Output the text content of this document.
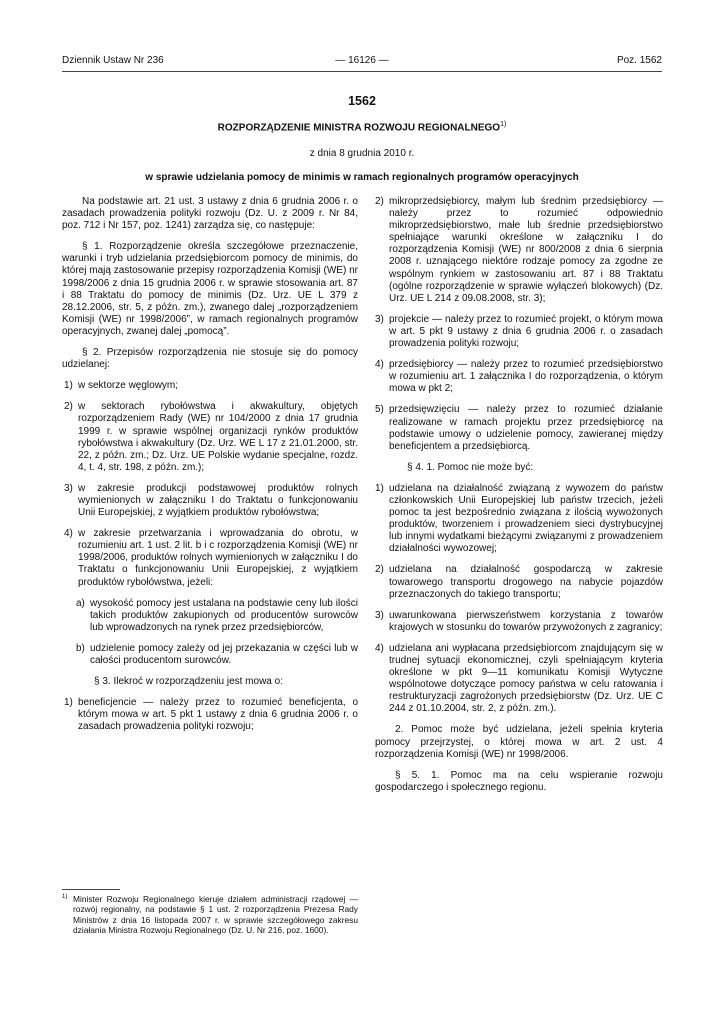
Dziennik Ustaw Nr 236	— 16126 —	Poz. 1562
1562
ROZPORZĄDZENIE MINISTRA ROZWOJU REGIONALNEGO$^{1)}$
z dnia 8 grudnia 2010 r.
w sprawie udzielania pomocy de minimis w ramach regionalnych programów operacyjnych

Na podstawie art. 21 ust. 3 ustawy z dnia 6 grudnia 2006 r. o zasadach prowadzenia polityki rozwoju (Dz. U. z 2009 r. Nr 84, poz. 712 i Nr 157, poz. 1241) zarządza się, co następuje:

§ 1. Rozporządzenie określa szczegółowe przeznaczenie, warunki i tryb udzielania przedsiębiorcom pomocy de minimis, do której mają zastosowanie przepisy rozporządzenia Komisji (WE) nr 1998/2006 z dnia 15 grudnia 2006 r. w sprawie stosowania art. 87 i 88 Traktatu do pomocy de minimis (Dz. Urz. UE L 379 z 28.12.2006, str. 5, z późn. zm.), zwanego dalej „rozporządzeniem Komisji (WE) nr 1998/2006”, w ramach regionalnych programów operacyjnych, zwanej dalej „pomocą”.

§ 2. Przepisów rozporządzenia nie stosuje się do pomocy udzielanej:

1) w sektorze węglowym;
2) w sektorach rybołówstwa i akwakultury, objętych rozporządzeniem Rady (WE) nr 104/2000 z dnia 17 grudnia 1999 r. w sprawie wspólnej organizacji rynków produktów rybołówstwa i akwakultury (Dz. Urz. WE L 17 z 21.01.2000, str. 22, z późn. zm.; Dz. Urz. UE Polskie wydanie specjalne, rozdz. 4, t. 4, str. 198, z późn. zm.);
3) w zakresie produkcji podstawowej produktów rolnych wymienionych w załączniku I do Traktatu o funkcjonowaniu Unii Europejskiej, z wyjątkiem produktów rybołówstwa;
4) w zakresie przetwarzania i wprowadzania do obrotu, w rozumieniu art. 1 ust. 2 lit. b i c rozporządzenia Komisji (WE) nr 1998/2006, produktów rolnych wymienionych w załączniku I do Traktatu o funkcjonowaniu Unii Europejskiej, z wyjątkiem produktów rybołówstwa, jeżeli:
a) wysokość pomocy jest ustalana na podstawie ceny lub ilości takich produktów zakupionych od producentów surowców lub wprowadzonych na rynek przez przedsiębiorców,
b) udzielenie pomocy zależy od jej przekazania w części lub w całości producentom surowców.

§ 3. Ilekroć w rozporządzeniu jest mowa o:

1) beneficjencie — należy przez to rozumieć beneficjenta, o którym mowa w art. 5 pkt 1 ustawy z dnia 6 grudnia 2006 r. o zasadach prowadzenia polityki rozwoju;
2) mikroprzedsiębiorcy, małym lub średnim przedsiębiorcy — należy przez to rozumieć odpowiednio mikroprzedsiębiorstwo, małe lub średnie przedsiębiorstwo spełniające warunki określone w załączniku I do rozporządzenia Komisji (WE) nr 800/2008 z dnia 6 sierpnia 2008 r. uznającego niektóre rodzaje pomocy za zgodne ze wspólnym rynkiem w zastosowaniu art. 87 i 88 Traktatu (ogólne rozporządzenie w sprawie wyłączeń blokowych) (Dz. Urz. UE L 214 z 09.08.2008, str. 3);
3) projekcie — należy przez to rozumieć projekt, o którym mowa w art. 5 pkt 9 ustawy z dnia 6 grudnia 2006 r. o zasadach prowadzenia polityki rozwoju;
4) przedsiębiorcy — należy przez to rozumieć przedsiębiorstwo w rozumieniu art. 1 załącznika I do rozporządzenia, o którym mowa w pkt 2;
5) przedsięwzięciu — należy przez to rozumieć działanie realizowane w ramach projektu przez przedsiębiorcę na podstawie umowy o udzielenie pomocy, zawieranej między beneficjentem a przedsiębiorcą.

§ 4. 1. Pomoc nie może być:

1) udzielana na działalność związaną z wywozem do państw członkowskich Unii Europejskiej lub państw trzecich, jeżeli pomoc ta jest bezpośrednio związana z ilością wywożonych produktów, tworzeniem i prowadzeniem sieci dystrybucyjnej lub innymi wydatkami bieżącymi związanymi z prowadzeniem działalności wywozowej;
2) udzielana na działalność gospodarczą w zakresie towarowego transportu drogowego na nabycie pojazdów przeznaczonych do takiego transportu;
3) uwarunkowana pierwszeństwem korzystania z towarów krajowych w stosunku do towarów przywożonych z zagranicy;
4) udzielana ani wypłacana przedsiębiorcom znajdującym się w trudnej sytuacji ekonomicznej, czyli spełniającym kryteria określone w pkt 9—11 komunikatu Komisji Wytyczne wspólnotowe dotyczące pomocy państwa w celu ratowania i restrukturyzacji zagrożonych przedsiębiorstw (Dz. Urz. UE C 244 z 01.10.2004, str. 2, z późn. zm.).

2. Pomoc może być udzielana, jeżeli spełnia kryteria pomocy przejrzystej, o której mowa w art. 2 ust. 4 rozporządzenia Komisji (WE) nr 1998/2006.

§ 5. 1. Pomoc ma na celu wspieranie rozwoju gospodarczego i społecznego regionu.

1) Minister Rozwoju Regionalnego kieruje działem administracji rządowej — rozwój regionalny, na podstawie § 1 ust. 2 rozporządzenia Prezesa Rady Ministrów z dnia 16 listopada 2007 r. w sprawie szczegółowego zakresu działania Ministra Rozwoju Regionalnego (Dz. U. Nr 216, poz. 1600).
